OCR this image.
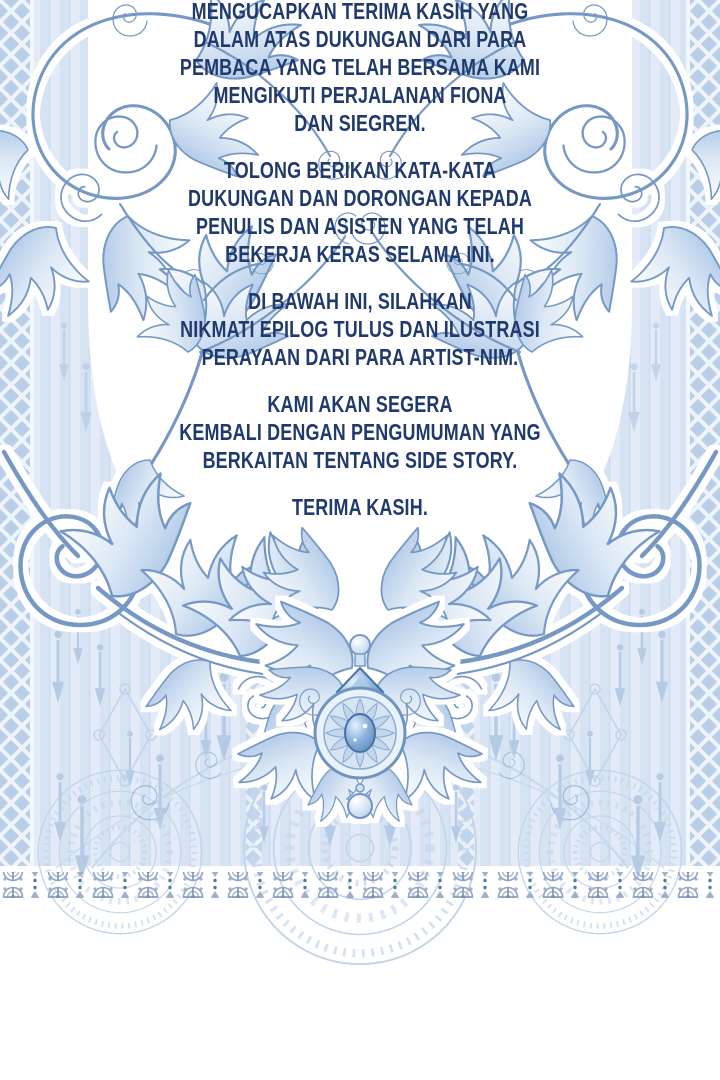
MENGUCAPKAN TERIMA KASIH YANG
DALAM ATAS DUKUNGAN DARI PARA
PEMBACA YANG TELAH BERSAMA KAMI
MENGIKUTI PERJALANAN FIONA
DAN SIEGREN.

TOLONG BERIKAN KATA-KATA
DUKUNGAN DAN DORONGAN KEPADA
PENULIS DAN ASISTEN YANG TELAH
BEKERJA KERAS SELAMA INI.

DI BAWAH INI, SILAHKAN
NIKMATI EPILOG TULUS DAN ILUSTRASI
PERAYAAN DARI PARA ARTIST-NIM.

KAMI AKAN SEGERA
KEMBALI DENGAN PENGUMUMAN YANG
BERKAITAN TENTANG SIDE STORY.

TERIMA KASIH.
